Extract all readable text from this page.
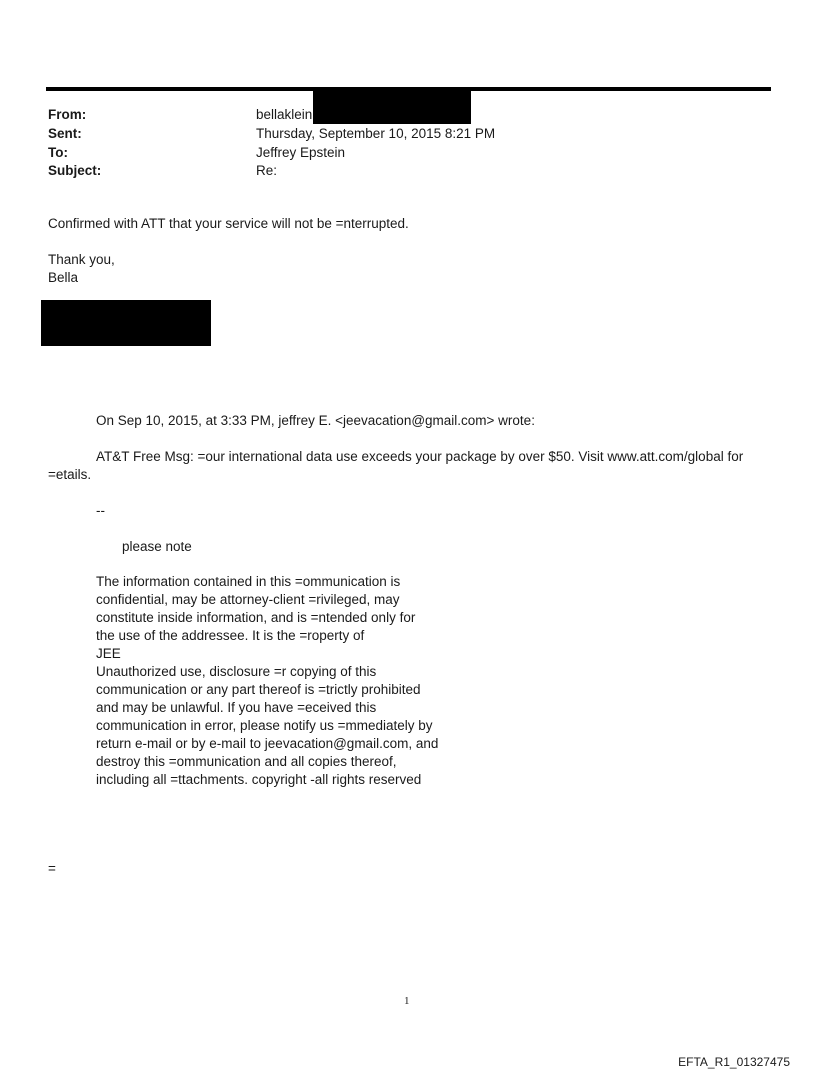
From:	bellaklein
Sent:	Thursday, September 10, 2015 8:21 PM
To:	Jeffrey Epstein
Subject:	Re:
Confirmed with ATT that your service will not be =nterrupted.
Thank you,
Bella
On Sep 10, 2015, at 3:33 PM, jeffrey E. <jeevacation@gmail.com> wrote:
AT&T Free Msg: =our international data use exceeds your package by over $50. Visit www.att.com/global for
=etails.
--
please note
The information contained in this =ommunication is
confidential, may be attorney-client =rivileged, may
constitute inside information, and is =ntended only for
the use of the addressee. It is the =roperty of
JEE
Unauthorized use, disclosure =r copying of this
communication or any part thereof is =trictly prohibited
and may be unlawful. If you have =eceived this
communication in error, please notify us =mmediately by
return e-mail or by e-mail to jeevacation@gmail.com, and
destroy this =ommunication and all copies thereof,
including all =ttachments. copyright -all rights reserved
=
1
EFTA_R1_01327475
